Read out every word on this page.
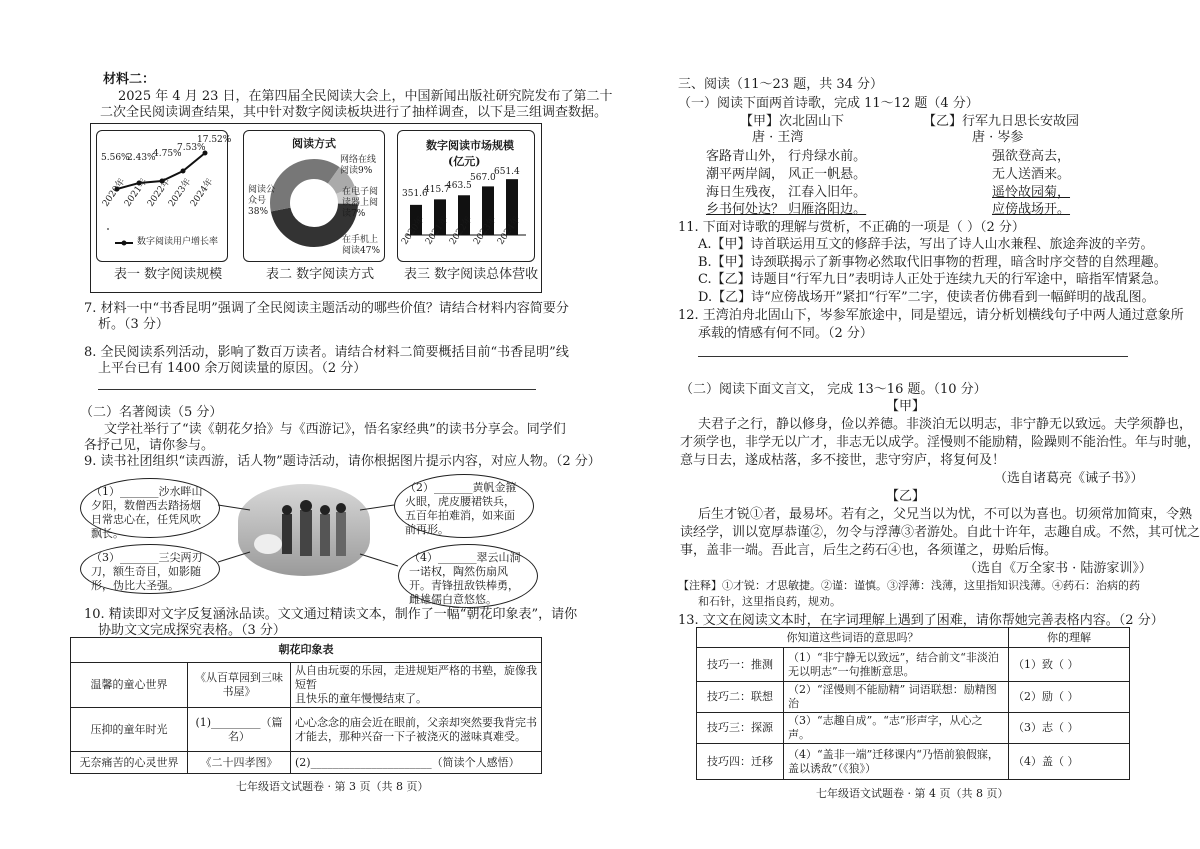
材料二：
2025 年 4 月 23 日，在第四届全民阅读大会上，中国新闻出版社研究院发布了第二十
二次全民阅读调查结果，其中针对数字阅读板块进行了抽样调查，以下是三组调查数据。
5.56%
2.43%
4.75%
7.53%
17.52%
2020年
2021年
2022年
2023年
2024年
数字阅读用户增长率
表一 数字阅读规模
阅读方式
网络在线阅读9%
在电子阅读器上阅读7%
阅读公众号38%
在手机上阅读47%
表二 数字阅读方式
数字阅读市场规模
(亿元)
351.6
415.7
463.5
567.0
651.4
2020年
2021年
2022年
2023年
2024年
表三 数字阅读总体营收
7. 材料一中“书香昆明”强调了全民阅读主题活动的哪些价值？请结合材料内容简要分
析。（3 分）
8. 全民阅读系列活动，影响了数百万读者。请结合材料二简要概括目前“书香昆明”线
上平台已有 1400 余万阅读量的原因。（2 分）
（二）名著阅读（5 分）
文学社举行了“读《朝花夕拾》与《西游记》，悟名家经典”的读书分享会。同学们
各抒己见，请你参与。
9. 读书社团组织“读西游，话人物”题诗活动，请你根据图片提示内容，对应人物。（2 分）
（1）_______沙水畔山夕阳，数僧西去踏扬烟日常忠心在，任凭风吹飘长。
（2）_______黄帆金箍火眼，虎皮腰裙铁兵，五百年拍难消，如来面前再形。
（3）_______三尖两刃刀，额生奇目，如影随形，伪比大圣强。
（4）_______翠云山洞一诺权，陶然伤扇风开。青锋扭敌铁棒勇，雌雄儒白意悠悠。
10. 精读即对文字反复涵泳品读。文文通过精读文本，制作了一幅“朝花印象表”，请你
协助文文完成探究表格。（3 分）
朝花印象表		
温馨的童心世界	《从百草园到三味书屋》	从自由玩耍的乐园，走进规矩严格的书塾，旋像我短暂
且快乐的童年慢慢结束了。

压抑的童年时光	(1)_________（篇名）	心心念念的庙会近在眼前，父亲却突然要我背完书
才能去，那种兴奋一下子被浇灭的滋味真难受。

无奈痛苦的心灵世界	《二十四孝图》	(2)______________________（简读个人感悟）
七年级语文试题卷 · 第 3 页（共 8 页）
三、阅读（11～23 题，共 34 分）
（一）阅读下面两首诗歌，完成 11～12 题（4 分）
【甲】次北固山下
唐 · 王湾
客路青山外， 行舟绿水前。
潮平两岸阔， 风正一帆悬。
海日生残夜， 江春入旧年。
乡书何处达？ 归雁洛阳边。
【乙】行军九日思长安故园
唐 · 岑参
强欲登高去，
无人送酒来。
遥怜故园菊，
应傍战场开。
11. 下面对诗歌的理解与赏析，不正确的一项是（ ）（2 分）
A.【甲】诗首联运用互文的修辞手法，写出了诗人山水兼程、旅途奔波的辛劳。
B.【甲】诗颈联揭示了新事物必然取代旧事物的哲理，暗含时序交替的自然理趣。
C.【乙】诗题目“行军九日”表明诗人正处于连续九天的行军途中，暗指军情紧急。
D.【乙】诗“应傍战场开”紧扣“行军”二字，使读者仿佛看到一幅鲜明的战乱图。
12. 王湾泊舟北固山下，岑参军旅途中，同是望远，请分析划横线句子中两人通过意象所
承载的情感有何不同。（2 分）
（二）阅读下面文言文， 完成 13～16 题。（10 分）
【甲】
夫君子之行，静以修身，俭以养德。非淡泊无以明志，非宁静无以致远。夫学须静也，
才须学也，非学无以广才，非志无以成学。淫慢则不能励精，险躁则不能治性。年与时驰，
意与日去，遂成枯落，多不接世，悲守穷庐，将复何及！
（选自诸葛亮《诫子书》）
【乙】
后生才锐①者，最易坏。若有之，父兄当以为忧，不可以为喜也。切须常加简束，令熟
读经学，训以宽厚恭谨②，勿令与浮薄③者游处。自此十许年，志趣自成。不然，其可忧之
事，盖非一端。吾此言，后生之药石④也，各须谨之，毋贻后悔。
（选自《万全家书 · 陆游家训》）
【注释】①才锐：才思敏捷。②谨：谨慎。③浮薄：浅薄，这里指知识浅薄。④药石：治病的药
和石针，这里指良药，规劝。
13. 文文在阅读文本时，在字词理解上遇到了困难，请你帮她完善表格内容。（2 分）
你知道这些词语的意思吗？		你的理解
技巧一：推测	（1）“非宁静无以致远”，结合前文“非淡泊无以明志”一句推断意思。	（1）致（ ）
技巧二：联想	（2）“淫慢则不能励精” 词语联想：励精图治	（2）励（ ）
技巧三：探源	（3）“志趣自成”。“志”形声字，从心之声。	（3）志（ ）
技巧四：迁移	（4）“盖非一端”迁移课内“乃悟前狼假寐，盖以诱敌”（《狼》）	（4）盖（ ）
七年级语文试题卷 · 第 4 页（共 8 页）
